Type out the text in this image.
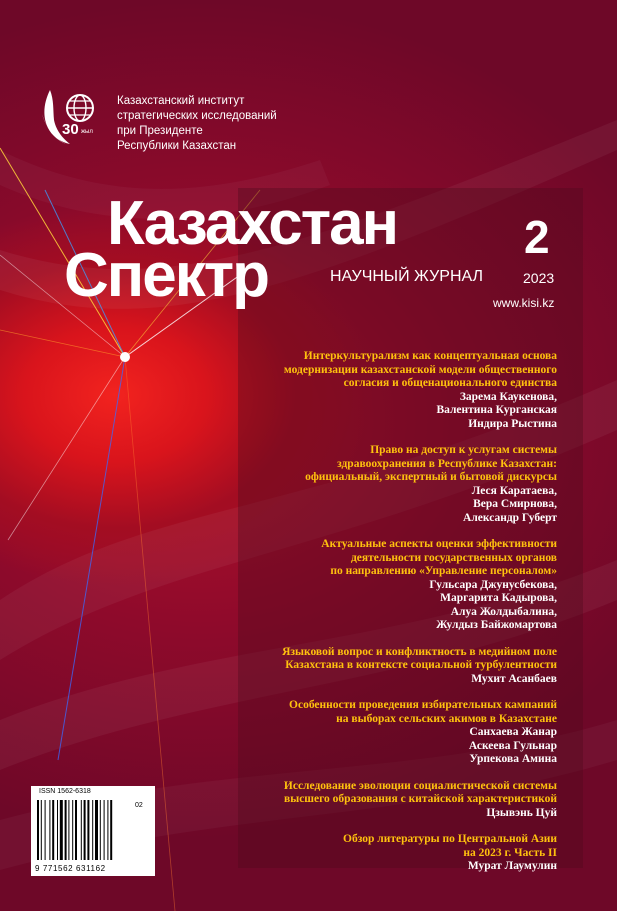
30 жыл
Казахстанский институт
стратегических исследований
при Президенте
Республики Казахстан
Казахстан
Спектр	НАУЧНЫЙ ЖУРНАЛ
2
2023
www.kisi.kz
Интеркультурализм как концептуальная основа
модернизации казахстанской модели общественного
согласия и общенационального единства
Зарема Каукенова,
Валентина Курганская
Индира Рыстина
Право на доступ к услугам системы
здравоохранения в Республике Казахстан:
официальный, экспертный и бытовой дискурсы
Леся Каратаева,
Вера Смирнова,
Александр Губерт
Актуальные аспекты оценки эффективности
деятельности государственных органов
по направлению «Управление персоналом»
Гульсара Джунусбекова,
Маргарита Кадырова,
Алуа Жолдыбалина,
Жулдыз Байжомартова
Языковой вопрос и конфликтность в медийном поле
Казахстана в контексте социальной турбулентности
Мухит Асанбаев
Особенности проведения избирательных кампаний
на выборах сельских акимов в Казахстане
Санхаева Жанар
Аскеева Гульнар
Урпекова Амина
Исследование эволюции социалистической системы
высшего образования с китайской характеристикой
Цзывэнь Цуй
Обзор литературы по Центральной Азии
на 2023 г. Часть II
Мурат Лаумулин
ISSN 1562-6318
02
9 771562 631162
